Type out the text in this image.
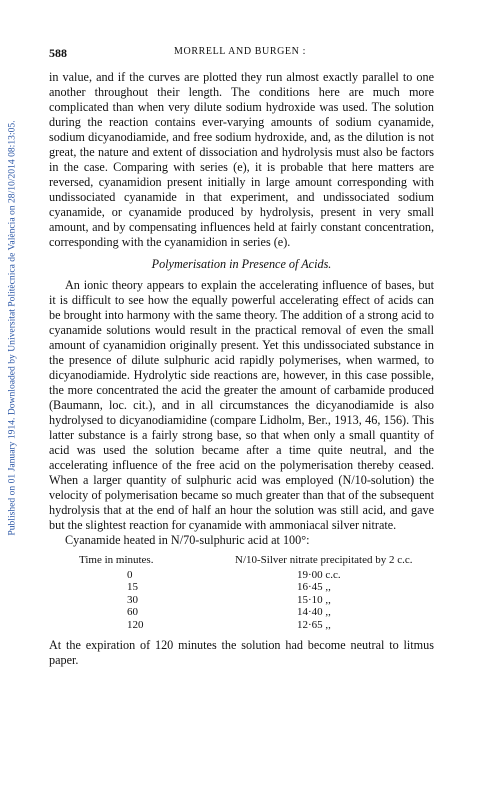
Published on 01 January 1914. Downloaded by Universitat Politècnica de València on 28/10/2014 08:13:05.
588	MORRELL AND BURGEN :

in value, and if the curves are plotted they run almost exactly parallel to one another throughout their length. The conditions here are much more complicated than when very dilute sodium hydroxide was used. The solution during the reaction contains ever-varying amounts of sodium cyanamide, sodium dicyanodiamide, and free sodium hydroxide, and, as the dilution is not great, the nature and extent of dissociation and hydrolysis must also be factors in the case. Comparing with series (e), it is probable that here matters are reversed, cyanamidion present initially in large amount corresponding with undissociated cyanamide in that experiment, and undissociated sodium cyanamide, or cyanamide produced by hydrolysis, present in very small amount, and by compensating influences held at fairly constant concentration, corresponding with the cyanamidion in series (e).

Polymerisation in Presence of Acids.

An ionic theory appears to explain the accelerating influence of bases, but it is difficult to see how the equally powerful accelerating effect of acids can be brought into harmony with the same theory. The addition of a strong acid to cyanamide solutions would result in the practical removal of even the small amount of cyanamidion originally present. Yet this undissociated substance in the presence of dilute sulphuric acid rapidly polymerises, when warmed, to dicyanodiamide. Hydrolytic side reactions are, however, in this case possible, the more concentrated the acid the greater the amount of carbamide produced (Baumann, loc. cit.), and in all circumstances the dicyanodiamide is also hydrolysed to dicyanodiamidine (compare Lidholm, Ber., 1913, 46, 156). This latter substance is a fairly strong base, so that when only a small quantity of acid was used the solution became after a time quite neutral, and the accelerating influence of the free acid on the polymerisation thereby ceased. When a larger quantity of sulphuric acid was employed (N/10-solution) the velocity of polymerisation became so much greater than that of the subsequent hydrolysis that at the end of half an hour the solution was still acid, and gave but the slightest reaction for cyanamide with ammoniacal silver nitrate.

Cyanamide heated in N/70-sulphuric acid at 100°:

Time in minutes.	N/10-Silver nitrate precipitated by 2 c.c.
0	19·00 c.c.
15	16·45 ,,
30	15·10 ,,
60	14·40 ,,
120	12·65 ,,

At the expiration of 120 minutes the solution had become neutral to litmus paper.
